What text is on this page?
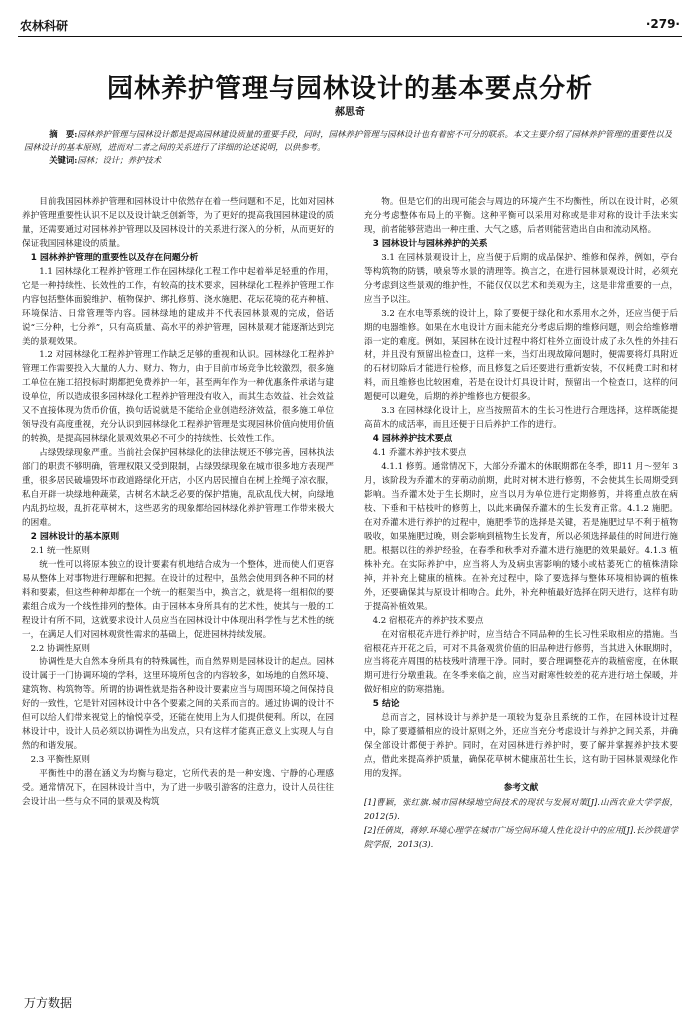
农林科研	·279·
园林养护管理与园林设计的基本要点分析
郝思奇

摘　要:园林养护管理与园林设计都是提高园林建设质量的重要手段，同时，园林养护管理与园林设计也有着密不可分的联系。本文主要介绍了园林养护管理的重要性以及园林设计的基本原则，进而对二者之间的关系进行了详细的论述说明，以供参考。

关键词:园林；设计；养护技术

目前我国园林养护管理和园林设计中依然存在着一些问题和不足，比如对园林养护管理重要性认识不足以及设计缺乏创新等，为了更好的提高我国园林建设的质量，还需要通过对园林养护管理以及园林设计的关系进行深入的分析，从而更好的保证我国园林建设的质量。

1 园林养护管理的重要性以及存在问题分析

1.1 园林绿化工程养护管理工作在园林绿化工程工作中起着举足轻重的作用，它是一种持续性、长效性的工作，有较高的技术要求，园林绿化工程养护管理工作内容包括整体面貌维护、植物保护、绑扎修剪、浇水施肥、花坛花境的花卉种植、环境保洁、日常管理等内容。园林绿地的建成并不代表园林景观的完成，俗话说“三分种，七分养”，只有高质量、高水平的养护管理，园林景观才能逐渐达到完美的景观效果。

1.2 对园林绿化工程养护管理工作缺乏足够的重视和认识。园林绿化工程养护管理工作需要投入大量的人力、财力、物力，由于目前市场竞争比较激烈，很多施工单位在施工招投标时期都把免费养护一年，甚至两年作为一种优惠条件承诺与建设单位，所以造成很多园林绿化工程养护管理没有收入，而其生态效益、社会效益又不直接体现为货币价值，换句话说就是不能给企业创造经济效益，很多施工单位领导没有高度重视，充分认识到园林绿化工程养护管理是实现园林价值向使用价值的转换，是提高园林绿化景观效果必不可少的持续性、长效性工作。

占绿毁绿现象严重。当前社会保护园林绿化的法律法规还不够完善，园林执法部门的职责不够明确，管理权限又受到限制，占绿毁绿现象在城市很多地方表现严重，很多居民破墙毁坏市政道路绿化开店，小区内居民擅自在树上拴绳子凉衣服，私自开辟一块绿地种蔬菜，古树名木缺乏必要的保护措施，乱砍乱伐大树，向绿地内乱扔垃圾，乱折花草树木，这些恶劣的现象都给园林绿化养护管理工作带来极大的困难。

2 园林设计的基本原则
2.1 统一性原则

统一性可以将原本独立的设计要素有机地结合成为一个整体，进而使人们更容易从整体上对事物进行理解和把握。在设计的过程中，虽然会使用到各种不同的材料和要素，但这些种种却都在一个统一的框架当中，换言之，就是将一组相似的要素组合成为一个线性排列的整体。由于园林本身所具有的艺术性，使其与一般的工程设计有所不同，这就要求设计人员应当在园林设计中体现出科学性与艺术性的统一，在满足人们对园林观赏性需求的基础上，促进园林持续发展。

2.2 协调性原则

协调性是大自然本身所具有的特殊属性，而自然界则是园林设计的起点。园林设计属于一门协调环境的学科，这里环境所包含的内容较多，如场地的自然环境、建筑物、构筑物等。所谓的协调性就是指各种设计要素应当与周围环境之间保持良好的一致性，它是针对园林设计中各个要素之间的关系而言的。通过协调的设计不但可以给人们带来视觉上的愉悦享受，还能在使用上为人们提供便利。所以，在园林设计中，设计人员必须以协调性为出发点，只有这样才能真正意义上实现人与自然的和谐发展。

2.3 平衡性原则

平衡性中的潜在涵义为均衡与稳定，它所代表的是一种安逸、宁静的心理感受。通常情况下，在园林设计当中，为了进一步吸引游客的注意力，设计人员往往会设计出一些与众不同的景观及构筑

物。但是它们的出现可能会与周边的环境产生不均衡性，所以在设计时，必须充分考虑整体布局上的平衡。这种平衡可以采用对称或是非对称的设计手法来实现，前者能够营造出一种庄重、大气之感，后者则能营造出自由和流动风格。

3 园林设计与园林养护的关系

3.1 在园林景观设计上，应当便于后期的成品保护、维修和保养，例如，亭台等构筑物的防锈，喷泉等水景的清理等。换言之，在进行园林景观设计时，必须充分考虑到这些景观的维护性，不能仅仅以艺术和美观为主，这是非常重要的一点，应当予以注。

3.2 在水电等系统的设计上，除了要便于绿化和水系用水之外，还应当便于后期的电器维修。如果在水电设计方面未能充分考虑后期的维修问题，则会给维修增添一定的难度。例如，某园林在设计过程中将灯柱外立面设计成了永久性的外挂石材，并且没有预留出检查口，这样一来，当灯出现故障问题时，便需要将灯具附近的石材切除后才能进行检修，而且修复之后还要进行重新安装，不仅耗费工时和材料，而且维修也比较困难，若是在设计灯具设计时，预留出一个检查口，这样的问题便可以避免，后期的养护维修也方便很多。

3.3 在园林绿化设计上，应当按照苗木的生长习性进行合理选择，这样既能提高苗木的成活率，而且还便于日后养护工作的进行。

4 园林养护技术要点
4.1 乔灌木养护技术要点

4.1.1 修剪。通常情况下，大部分乔灌木的休眠期都在冬季，即11 月～翌年 3 月，该阶段为乔灌木的芽萌动前期，此时对树木进行修剪，不会使其生长周期受到影响。当乔灌木处于生长期时，应当以月为单位进行定期修剪，并将重点放在病枝、下垂和干枯枝叶的修剪上，以此来确保乔灌木的生长发育正常。4.1.2 施肥。在对乔灌木进行养护的过程中，施肥季节的选择是关键，若是施肥过早不利于植物吸收，如果施肥过晚，则会影响到植物生长发育，所以必须选择最佳的时间进行施肥。根据以往的养护经验，在春季和秋季对乔灌木进行施肥的效果最好。4.1.3 植株补充。在实际养护中，应当将人为及病虫害影响的矮小或枯萎死亡的植株清除掉，并补充上健康的植株。在补充过程中，除了要选择与整体环境相协调的植株外，还要确保其与原设计相吻合。此外，补充种植最好选择在阴天进行，这样有助于提高补植效果。

4.2 宿根花卉的养护技术要点

在对宿根花卉进行养护时，应当结合不同品种的生长习性采取相应的措施。当宿根花卉开花之后，可对不具备观赏价值的旧品种进行修剪，当其进入休眠期时，应当将花卉周围的枯枝残叶清理干净。同时，要合理调整花卉的栽植密度，在休眠期可进行分墩重栽。在冬季来临之前，应当对耐寒性较差的花卉进行培土保暖，并做好相应的防寒措施。

5 结论

总而言之，园林设计与养护是一项较为复杂且系统的工作，在园林设计过程中，除了要遵循相应的设计原则之外，还应当充分考虑设计与养护之间关系，并确保全部设计都便于养护。同时，在对园林进行养护时，要了解并掌握养护技术要点，借此来提高养护质量，确保花草树木健康茁壮生长，这有助于园林景观绿化作用的发挥。

参考文献

[1]曹颖，张红旗.城市园林绿地空间技术的现状与发展对策[J].山西农业大学学报，2012(5).

[2]任倩岚，蒋婷.环境心理学在城市广场空间环境人性化设计中的应用[J].长沙铁道学院学报，2013(3).

万方数据
